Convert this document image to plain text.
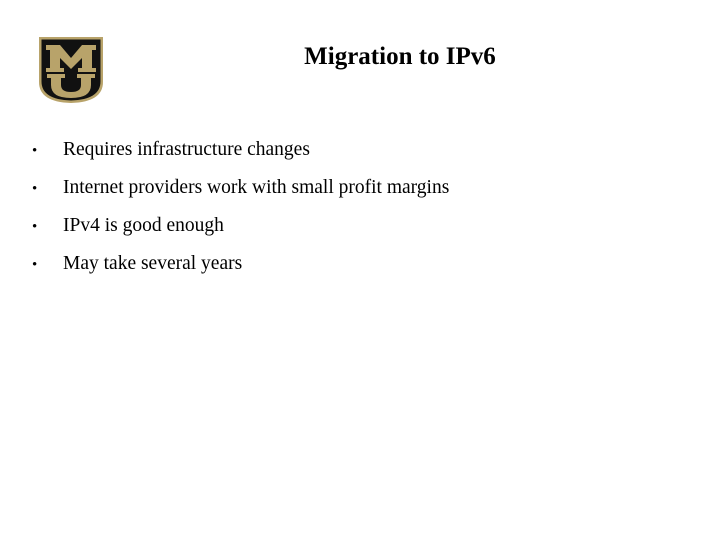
Migration to IPv6
•	Requires infrastructure changes
•	Internet providers work with small profit margins
•	IPv4 is good enough
•	May take several years
